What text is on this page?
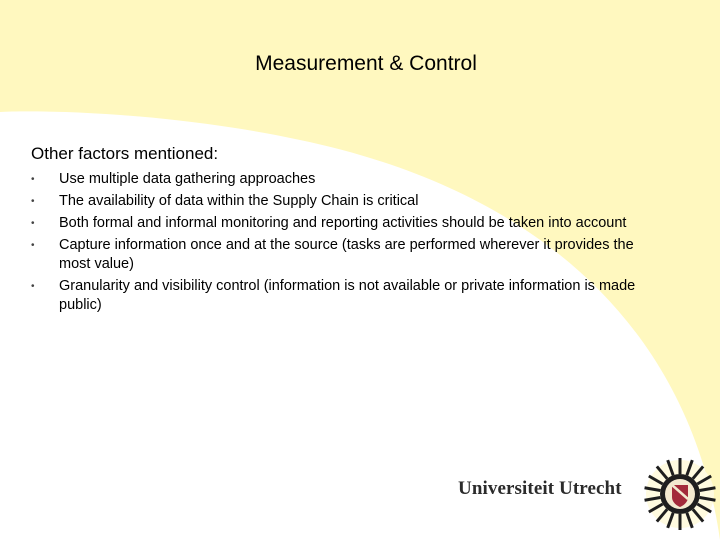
Measurement & Control
Other factors mentioned:
• Use multiple data gathering approaches
• The availability of data within the Supply Chain is critical
• Both formal and informal monitoring and reporting activities should be taken into account
• Capture information once and at the source (tasks are performed wherever it provides the most value)
• Granularity and visibility control (information is not available or private information is made public)
Universiteit Utrecht
